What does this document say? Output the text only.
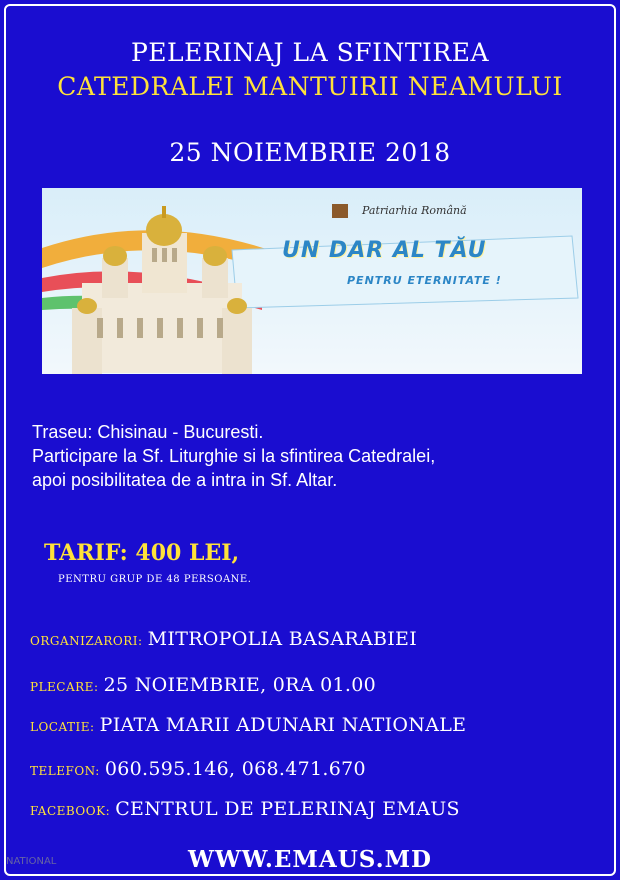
PELERINAJ LA SFINTIREA
CATEDRALEI MANTUIRII NEAMULUI
25 NOIEMBRIE 2018
Patriarhia Română
UN DAR AL TĂU
PENTRU ETERNITATE !
Traseu: Chisinau - Bucuresti.
Participare la Sf. Liturghie si la sfintirea Catedralei,
apoi posibilitatea de a intra in Sf. Altar.
TARIF: 400 LEI,
PENTRU GRUP DE 48 PERSOANE.
ORGANIZARORI: MITROPOLIA BASARABIEI
PLECARE: 25 NOIEMBRIE, 0RA 01.00
LOCATIE: PIATA MARII ADUNARI NATIONALE
TELEFON: 060.595.146, 068.471.670
FACEBOOK: CENTRUL DE PELERINAJ EMAUS
WWW.EMAUS.MD
NATIONAL
